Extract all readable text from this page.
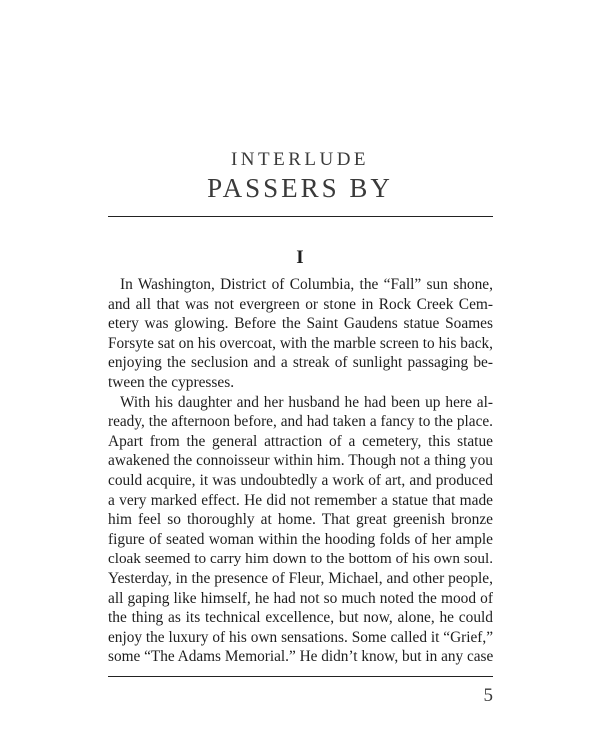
INTERLUDE
PASSERS BY
I
In Washington, District of Columbia, the “Fall” sun shone,
and all that was not evergreen or stone in Rock Creek Cem-
etery was glowing. Before the Saint Gaudens statue Soames
Forsyte sat on his overcoat, with the marble screen to his back,
enjoying the seclusion and a streak of sunlight passaging be-
tween the cypresses.
With his daughter and her husband he had been up here al-
ready, the afternoon before, and had taken a fancy to the place.
Apart from the general attraction of a cemetery, this statue
awakened the connoisseur within him. Though not a thing you
could acquire, it was undoubtedly a work of art, and produced
a very marked effect. He did not remember a statue that made
him feel so thoroughly at home. That great greenish bronze
figure of seated woman within the hooding folds of her ample
cloak seemed to carry him down to the bottom of his own soul.
Yesterday, in the presence of Fleur, Michael, and other people,
all gaping like himself, he had not so much noted the mood of
the thing as its technical excellence, but now, alone, he could
enjoy the luxury of his own sensations. Some called it “Grief,”
some “The Adams Memorial.” He didn’t know, but in any case
5
